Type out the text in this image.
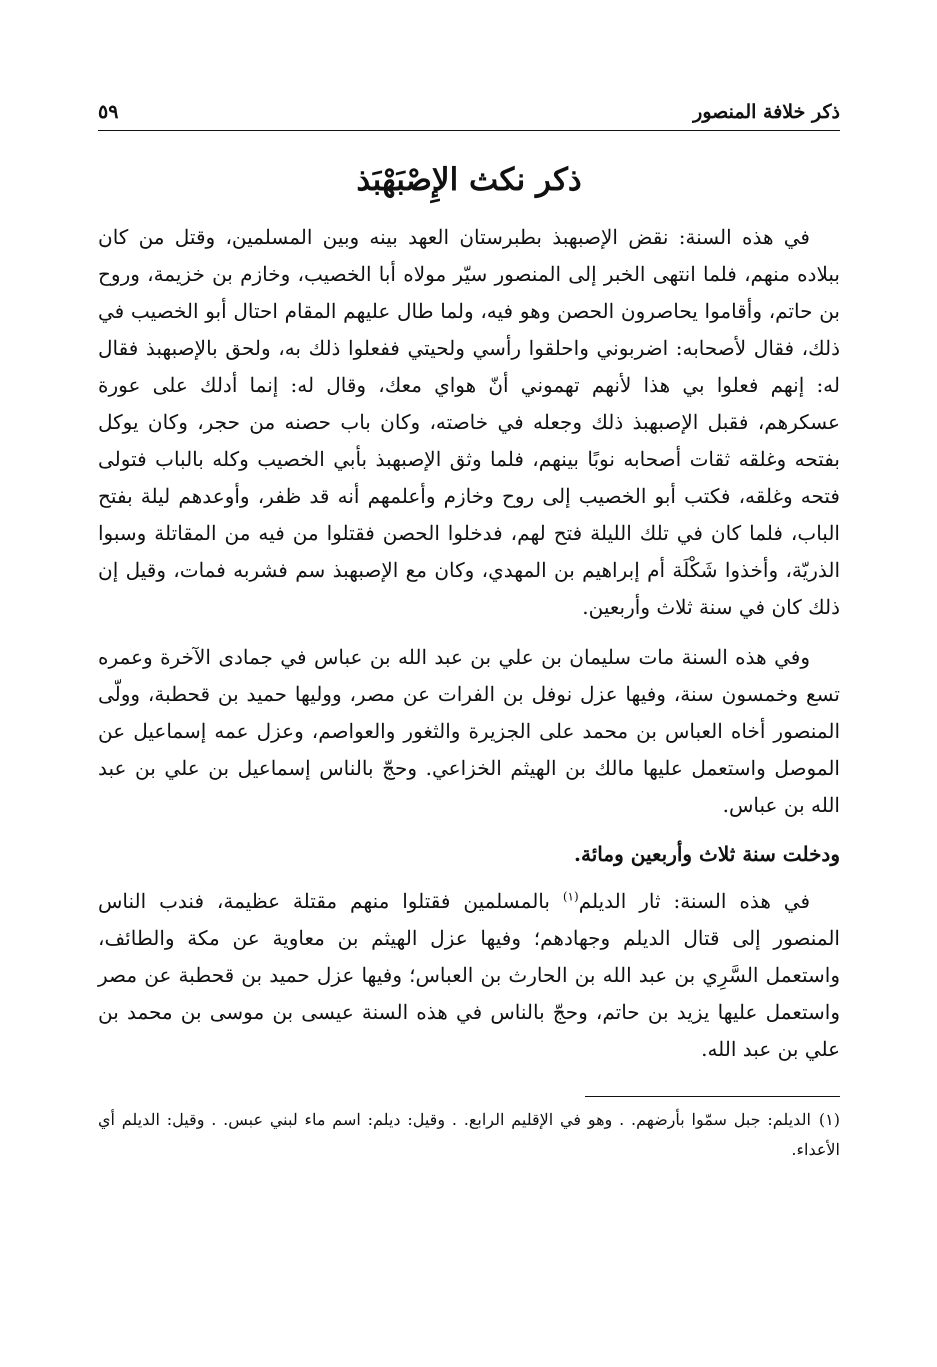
ذكر خلافة المنصور
٥٩
ذكر نكث الإِصْبَهْبَذ

في هذه السنة: نقض الإصبهبذ بطبرستان العهد بينه وبين المسلمين، وقتل من كان ببلاده منهم، فلما انتهى الخبر إلى المنصور سيّر مولاه أبا الخصيب، وخازم بن خزيمة، وروح بن حاتم، وأقاموا يحاصرون الحصن وهو فيه، ولما طال عليهم المقام احتال أبو الخصيب في ذلك، فقال لأصحابه: اضربوني واحلقوا رأسي ولحيتي ففعلوا ذلك به، ولحق بالإصبهبذ فقال له: إنهم فعلوا بي هذا لأنهم تهموني أنّ هواي معك، وقال له: إنما أدلك على عورة عسكرهم، فقبل الإصبهبذ ذلك وجعله في خاصته، وكان باب حصنه من حجر، وكان يوكل بفتحه وغلقه ثقات أصحابه نوبًا بينهم، فلما وثق الإصبهبذ بأبي الخصيب وكله بالباب فتولى فتحه وغلقه، فكتب أبو الخصيب إلى روح وخازم وأعلمهم أنه قد ظفر، وأوعدهم ليلة بفتح الباب، فلما كان في تلك الليلة فتح لهم، فدخلوا الحصن فقتلوا من فيه من المقاتلة وسبوا الذريّة، وأخذوا شَكْلَة أم إبراهيم بن المهدي، وكان مع الإصبهبذ سم فشربه فمات، وقيل إن ذلك كان في سنة ثلاث وأربعين.

وفي هذه السنة مات سليمان بن علي بن عبد الله بن عباس في جمادى الآخرة وعمره تسع وخمسون سنة، وفيها عزل نوفل بن الفرات عن مصر، ووليها حميد بن قحطبة، وولّى المنصور أخاه العباس بن محمد على الجزيرة والثغور والعواصم، وعزل عمه إسماعيل عن الموصل واستعمل عليها مالك بن الهيثم الخزاعي. وحجّ بالناس إسماعيل بن علي بن عبد الله بن عباس.

ودخلت سنة ثلاث وأربعين ومائة.

في هذه السنة: ثار الديلم$^{(١)}$ بالمسلمين فقتلوا منهم مقتلة عظيمة، فندب الناس المنصور إلى قتال الديلم وجهادهم؛ وفيها عزل الهيثم بن معاوية عن مكة والطائف، واستعمل السَّرِي بن عبد الله بن الحارث بن العباس؛ وفيها عزل حميد بن قحطبة عن مصر واستعمل عليها يزيد بن حاتم، وحجّ بالناس في هذه السنة عيسى بن موسى بن محمد بن علي بن عبد الله.

(١)الديلم: جبل سمّوا بأرضهم. . وهو في الإقليم الرابع. . وقيل: ديلم: اسم ماء لبني عبس. . وقيل: الديلم أي الأعداء.
